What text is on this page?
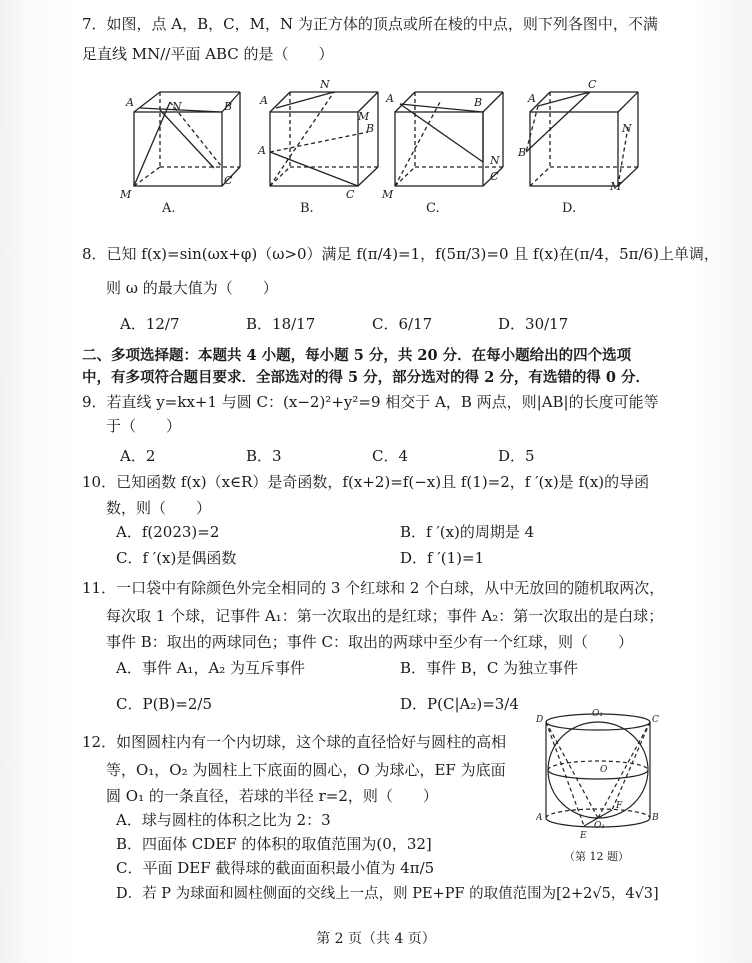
7．如图，点 A，B，C，M，N 为正方体的顶点或所在棱的中点，则下列各图中，不满
足直线 MN//平面 ABC 的是（　　）
A	N	B
C
M
A
N
B
A
C
M
A	B
N
M
C
A
C
B
N
M
A.	B.	C.	D.
8．已知 f(x)=sin(ωx+φ)（ω>0）满足 f(π/4)=1，f(5π/3)=0 且 f(x)在(π/4，5π/6)上单调，
则 ω 的最大值为（　　）
A．12/7	B．18/17	C．6/17	D．30/17
二、多项选择题：本题共 4 小题，每小题 5 分，共 20 分．在每小题给出的四个选项
中，有多项符合题目要求．全部选对的得 5 分，部分选对的得 2 分，有选错的得 0 分．
9．若直线 y=kx+1 与圆 C：(x−2)²+y²=9 相交于 A，B 两点，则|AB|的长度可能等
于（　　）
A．2	B．3	C．4	D．5
10．已知函数 f(x)（x∈R）是奇函数，f(x+2)=f(−x)且 f(1)=2，f ′(x)是 f(x)的导函
数，则（　　）
A．f(2023)=2	B．f ′(x)的周期是 4
C．f ′(x)是偶函数	D．f ′(1)=1
11．一口袋中有除颜色外完全相同的 3 个红球和 2 个白球，从中无放回的随机取两次，
每次取 1 个球，记事件 A₁：第一次取出的是红球；事件 A₂：第一次取出的是白球；
事件 B：取出的两球同色；事件 C：取出的两球中至少有一个红球，则（　　）
A．事件 A₁，A₂ 为互斥事件	B．事件 B，C 为独立事件
C．P(B)=2/5	D．P(C|A₂)=3/4
12．如图圆柱内有一个内切球，这个球的直径恰好与圆柱的高相
等，O₁，O₂ 为圆柱上下底面的圆心，O 为球心，EF 为底面
圆 O₁ 的一条直径，若球的半径 r=2，则（　　）
A．球与圆柱的体积之比为 2：3
B．四面体 CDEF 的体积的取值范围为(0，32]
C．平面 DEF 截得球的截面面积最小值为 4π/5
D．若 P 为球面和圆柱侧面的交线上一点，则 PE+PF 的取值范围为[2+2√5，4√3]
D
O₁
C
O
A
F
O₁
B
E
（第 12 题）
第 2 页（共 4 页）
